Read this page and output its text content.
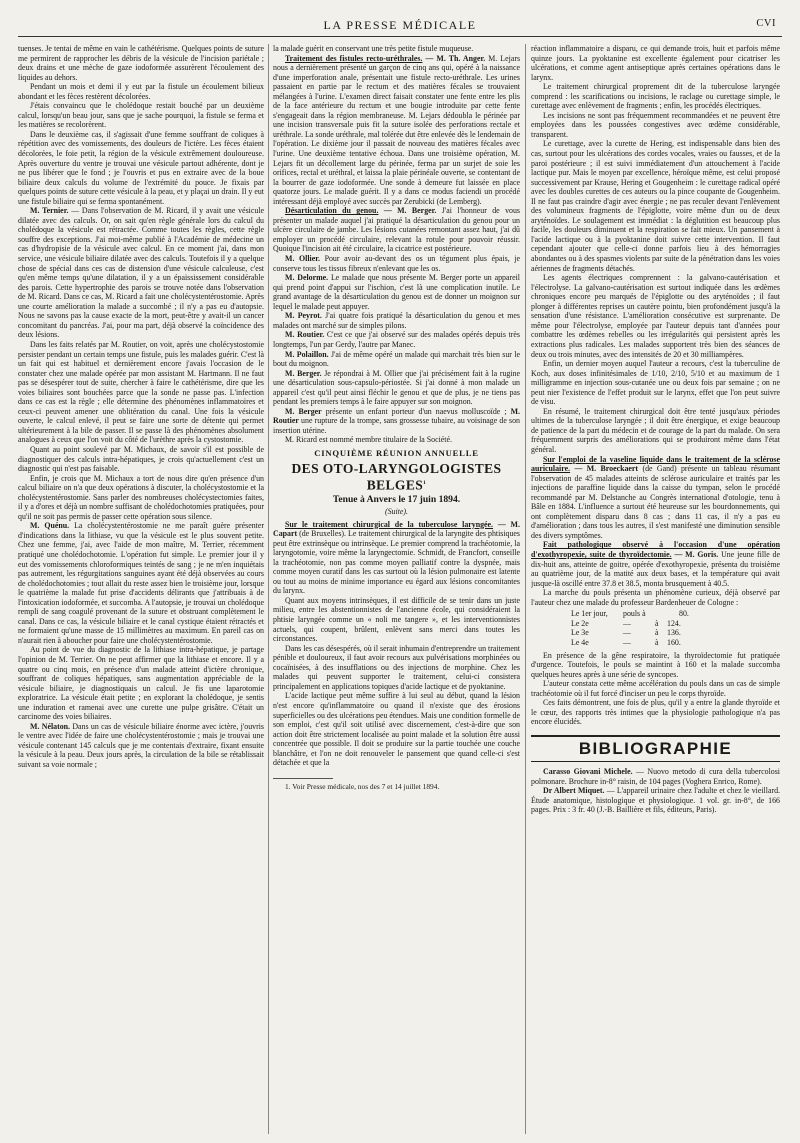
LA PRESSE MÉDICALE	CVI

tuenses. Je tentai de même en vain le cathétérisme. Quelques points de suture me permirent de rapprocher les débris de la vésicule de l'incision pariétale ; deux drains et une mèche de gaze iodoformée assurèrent l'écoulement des liquides au dehors.

Pendant un mois et demi il y eut par la fistule un écoulement bilieux abondant et les fèces restèrent décolorées.

J'étais convaincu que le cholédoque restait bouché par un deuxième calcul, lorsqu'un beau jour, sans que je sache pourquoi, la fistule se ferma et les matières se recolorèrent.

Dans le deuxième cas, il s'agissait d'une femme souffrant de coliques à répétition avec des vomissements, des douleurs de l'ictère. Les fèces étaient décolorées, le foie petit, la région de la vésicule extrêmement douloureuse. Après ouverture du ventre je trouvai une vésicule partout adhérente, dont je ne pus libérer que le fond ; je l'ouvris et pus en extraire avec de la boue biliaire deux calculs du volume de l'extrémité du pouce. Je fixais par quelques points de suture cette vésicule à la peau, et y plaçai un drain. Il y eut une fistule biliaire qui se ferma spontanément.

M. Ternier. — Dans l'observation de M. Ricard, il y avait une vésicule dilatée avec des calculs. Or, on sait qu'en règle générale lors du calcul du cholédoque la vésicule est rétractée. Comme toutes les règles, cette règle souffre des exceptions. J'ai moi-même publié à l'Académie de médecine un cas d'hydropisie de la vésicule avec calcul. En ce moment j'ai, dans mon service, une vésicule biliaire dilatée avec des calculs. Toutefois il y a quelque chose de spécial dans ces cas de distension d'une vésicule calculeuse, c'est qu'en même temps qu'une dilatation, il y a un épaississement considérable des parois. Cette hypertrophie des parois se trouve notée dans l'observation de M. Ricard. Dans ce cas, M. Ricard a fait une cholécystentérostomie. Après une courte amélioration la malade a succombé ; il n'y a pas eu d'autopsie. Nous ne savons pas la cause exacte de la mort, peut-être y avait-il un cancer concomitant du pancréas. J'ai, pour ma part, déjà observé la coïncidence des deux lésions.

Dans les faits relatés par M. Routier, on voit, après une cholécystostomie persister pendant un certain temps une fistule, puis les malades guérir. C'est là un fait qui est habituel et dernièrement encore j'avais l'occasion de le constater chez une malade opérée par mon assistant M. Hartmann. Il ne faut pas se désespérer tout de suite, chercher à faire le cathétérisme, dire que les voies biliaires sont bouchées parce que la sonde ne passe pas. L'infection dans ce cas est la règle ; elle détermine des phénomènes inflammatoires et ceux-ci peuvent amener une oblitération du canal. Une fois la vésicule ouverte, le calcul enlevé, il peut se faire une sorte de détente qui permet ultérieurement à la bile de passer. Il se passe là des phénomènes absolument analogues à ceux que l'on voit du côté de l'urèthre après la cystostomie.

Quant au point soulevé par M. Michaux, de savoir s'il est possible de diagnostiquer des calculs intra-hépatiques, je crois qu'actuellement c'est un diagnostic qui n'est pas faisable.

Enfin, je crois que M. Michaux a tort de nous dire qu'en présence d'un calcul biliaire on n'a que deux opérations à discuter, la cholécystostomie et la cholécystentérostomie. Sans parler des nombreuses cholécystectomies faites, il y a d'ores et déjà un nombre suffisant de cholédochotomies pratiquées, pour qu'il ne soit pas permis de passer cette opération sous silence.

M. Quénu. La cholécystentérostomie ne me paraît guère présenter d'indications dans la lithiase, vu que la vésicule est le plus souvent petite. Chez une femme, j'ai, avec l'aide de mon maître, M. Terrier, récemment pratiqué une cholédochotomie. L'opération fut simple. Le premier jour il y eut des vomissements chloroformiques teintés de sang ; je ne m'en inquiétais pas autrement, les régurgitations sanguines ayant été déjà observées au cours de cholédochotomies ; tout allait du reste assez bien le troisième jour, lorsque le quatrième la malade fut prise d'accidents délirants que j'attribuais à de l'intoxication iodoformée, et succomba. A l'autopsie, je trouvai un cholédoque rempli de sang coagulé provenant de la suture et obstruant complètement le canal. Dans ce cas, la vésicule biliaire et le canal cystique étaient rétractés et ne formaient qu'une masse de 15 millimètres au maximum. En pareil cas on n'aurait rien à aboucher pour faire une cholécystentérostomie.

Au point de vue du diagnostic de la lithiase intra-hépatique, je partage l'opinion de M. Terrier. On ne peut affirmer que la lithiase et encore. Il y a quatre ou cinq mois, en présence d'un malade atteint d'ictère chronique, souffrant de coliques hépatiques, sans augmentation appréciable de la vésicule biliaire, je diagnostiquais un calcul. Je fis une laparotomie exploratrice. La vésicule était petite ; en explorant la cholédoque, je sentis une induration et ramenai avec une curette une pulpe grisâtre. C'était un carcinome des voies biliaires.

M. Nélaton. Dans un cas de vésicule biliaire énorme avec ictère, j'ouvris le ventre avec l'idée de faire une cholécystentérostomie ; mais je trouvai une vésicule contenant 145 calculs que je me contentais d'extraire, fixant ensuite la vésicule à la peau. Deux jours après, la circulation de la bile se rétablissait suivant sa voie normale ;

la malade guérit en conservant une très petite fistule muqueuse.

Traitement des fistules recto-uréthrales. — M. Th. Anger. M. Lejars nous a dernièrement présenté un garçon de cinq ans qui, opéré à la naissance d'une imperforation anale, présentait une fistule recto-uréthrale. Les urines passaient en partie par le rectum et des matières fécales se trouvaient mélangées à l'urine. L'examen direct faisait constater une fente entre les plis de la face antérieure du rectum et une bougie introduite par cette fente s'engageait dans la région membraneuse. M. Lejars dédoubla le périnée par une incision transversale puis fit la suture isolée des perforations rectale et uréthrale. La sonde uréthrale, mal tolérée dut être enlevée dès le lendemain de l'opération. Le dixième jour il passait de nouveau des matières fécales avec l'urine. Une deuxième tentative échoua. Dans une troisième opération, M. Lejars fit un décollement large du périnée, ferma par un surjet de soie les orifices, rectal et uréthral, et laissa la plaie périnéale ouverte, se contentant de la bourrer de gaze iodoformée. Une sonde à demeure fut laissée en place quatorze jours. Le malade guérit. Il y a dans ce modus faciendi un procédé intéressant déjà employé avec succès par Zerubicki (de Lemberg).

Désarticulation du genou. — M. Berger. J'ai l'honneur de vous présenter un malade auquel j'ai pratiqué la désarticulation du genou pour un ulcère circulaire de jambe. Les lésions cutanées remontant assez haut, j'ai dû employer un procédé circulaire, relevant la rotule pour pouvoir réussir. Quoique l'incision ait été circulaire, la cicatrice est postérieure.

M. Ollier. Pour avoir au-devant des os un tégument plus épais, je conserve tous les tissus fibreux n'enlevant que les os.

M. Delorme. Le malade que nous présente M. Berger porte un appareil qui prend point d'appui sur l'ischion, c'est là une complication inutile. Le grand avantage de la désarticulation du genou est de donner un moignon sur lequel le malade peut appuyer.

M. Peyrot. J'ai quatre fois pratiqué la désarticulation du genou et mes malades ont marché sur de simples pilons.

M. Routier. C'est ce que j'ai observé sur des malades opérés depuis très longtemps, l'un par Gerdy, l'autre par Manec.

M. Polaillon. J'ai de même opéré un malade qui marchait très bien sur le bout du moignon.

M. Berger. Je répondrai à M. Ollier que j'ai précisément fait à la rugine une désarticulation sous-capsulo-périostée. Si j'ai donné à mon malade un appareil c'est qu'il peut ainsi fléchir le genou et que de plus, je ne tiens pas pendant les premiers temps à le faire appuyer sur son moignon.

M. Berger présente un enfant porteur d'un naevus molluscoïde ; M. Routier une rupture de la trompe, sans grossesse tubaire, au voisinage de son insertion utérine.

M. Ricard est nommé membre titulaire de la Société.

CINQUIÈME RÉUNION ANNUELLE
DES OTO-LARYNGOLOGISTES BELGES$^1$
Tenue à Anvers le 17 juin 1894.
(Suite).

Sur le traitement chirurgical de la tuberculose laryngée. — M. Capart (de Bruxelles). Le traitement chirurgical de la laryngite des phtisiques peut être extrinsèque ou intrinsèque. Le premier comprend la trachéotomie, la laryngotomie, voire même la laryngectomie. Schmidt, de Francfort, conseille la trachéotomie, non pas comme moyen palliatif contre la dyspnée, mais comme moyen curatif dans les cas surtout où la lésion pulmonaire est latente ou tout au moins de minime importance eu égard aux lésions concomitantes du larynx.

Quant aux moyens intrinsèques, il est difficile de se tenir dans un juste milieu, entre les abstentionnistes de l'ancienne école, qui considéraient la phtisie laryngée comme un « noli me tangere », et les interventionnistes actuels, qui coupent, brûlent, enlèvent sans merci dans toutes les circonstances.

Dans les cas désespérés, où il serait inhumain d'entreprendre un traitement pénible et douloureux, il faut avoir recours aux pulvérisations morphinées ou cocaïnisées, à des insufflations ou des injections de morphine. Chez les malades qui peuvent supporter le traitement, celui-ci consistera principalement en applications topiques d'acide lactique et de pyoktanine.

L'acide lactique peut même suffire à lui seul au début, quand la lésion n'est encore qu'inflammatoire ou quand il n'existe que des érosions superficielles ou des ulcérations peu étendues. Mais une condition formelle de son emploi, c'est qu'il soit utilisé avec discernement, c'est-à-dire que son action doit être strictement localisée au point malade et la solution être aussi concentrée que possible. Il doit se produire sur la partie touchée une couche blanchâtre, et l'on ne doit renouveler le pansement que quand celle-ci s'est détachée et que la

1. Voir Presse médicale, nos des 7 et 14 juillet 1894.

réaction inflammatoire a disparu, ce qui demande trois, huit et parfois même quinze jours. La pyoktanine est excellente également pour cicatriser les ulcérations, et comme agent antiseptique après certaines opérations dans le larynx.

Le traitement chirurgical proprement dit de la tuberculose laryngée comprend : les scarifications ou incisions, le raclage ou curettage simple, le curettage avec enlèvement de fragments ; enfin, les procédés électriques.

Les incisions ne sont pas fréquemment recommandées et ne peuvent être employées dans les poussées congestives avec œdème considérable, transparent.

Le curettage, avec la curette de Hering, est indispensable dans bien des cas, surtout pour les ulcérations des cordes vocales, vraies ou fausses, et de la paroi postérieure ; il est suivi immédiatement d'un attouchement à l'acide lactique pur. Mais le moyen par excellence, héroïque même, est celui proposé successivement par Krause, Hering et Gougenheim : le curettage radical opéré avec les doubles curettes de ces auteurs ou la pince coupante de Gougenheim. Il ne faut pas craindre d'agir avec énergie ; ne pas reculer devant l'enlèvement des volumineux fragments de l'épiglotte, voire même d'un ou de deux aryténoïdes. Le soulagement est immédiat : la déglutition est beaucoup plus facile, les douleurs diminuent et la respiration se fait mieux. Un pansement à l'acide lactique ou à la pyoktanine doit suivre cette intervention. Il faut cependant ajouter que celle-ci donne parfois lieu à des hémorragies abondantes ou à des spasmes violents par suite de la pénétration dans les voies aériennes de fragments détachés.

Les agents électriques comprennent : la galvano-cautérisation et l'électrolyse. La galvano-cautérisation est surtout indiquée dans les œdèmes chroniques encore peu marqués de l'épiglotte ou des aryténoïdes ; il faut plonger à différentes reprises un cautère pointu, bien profondément jusqu'à la sensation d'une résistance. L'amélioration consécutive est surprenante. De même pour l'électrolyse, employée par l'auteur depuis tant d'années pour combattre les œdèmes rebelles ou les irrégularités qui persistent après les extractions plus radicales. Les malades supportent très bien des séances de deux ou trois minutes, avec des intensités de 20 et 30 milliampères.

Enfin, un dernier moyen auquel l'auteur a recours, c'est la tuberculine de Koch, aux doses infinitésimales de 1/10, 2/10, 5/10 et au maximum de 1 milligramme en injection sous-cutanée une ou deux fois par semaine ; on ne peut nier l'existence de l'effet produit sur le larynx, effet que l'on peut suivre de visu.

En résumé, le traitement chirurgical doit être tenté jusqu'aux périodes ultimes de la tuberculose laryngée ; il doit être énergique, et exige beaucoup de patience de la part du médecin et de courage de la part du malade. On sera fréquemment surpris des améliorations qui se produiront même dans l'état général.

Sur l'emploi de la vaseline liquide dans le traitement de la sclérose auriculaire. — M. Broeckaert (de Gand) présente un tableau résumant l'observation de 45 malades atteints de sclérose auriculaire et traités par les injections de paraffine liquide dans la caisse du tympan, selon le procédé recommandé par M. Delstanche au Congrès international d'otologie, tenu à Bâle en 1884. L'influence a surtout été heureuse sur les bourdonnements, qui ont complètement disparu dans 8 cas ; dans 11 cas, il n'y a pas eu d'amélioration ; dans tous les autres, il s'est manifesté une diminution sensible des divers symptômes.

Fait pathologique observé à l'occasion d'une opération d'exothyropexie, suite de thyroïdectomie. — M. Goris. Une jeune fille de dix-huit ans, atteinte de goitre, opérée d'exothyropexie, présenta du troisième au quatrième jour, de la matité aux deux bases, et la température qui avait jusque-là oscillé entre 37.8 et 38.5, monta brusquement à 40.5.

La marche du pouls présenta un phénomène curieux, déjà observé par l'auteur chez une malade du professeur Bardenheuer de Cologne :

Le 1er jour,	pouls à	80.
Le 2e	—	à	124.
Le 3e	—	à	136.
Le 4e	—	à	160.

En présence de la gêne respiratoire, la thyroïdectomie fut pratiquée d'urgence. Toutefois, le pouls se maintint à 160 et la malade succomba quelques heures après à une série de syncopes.

L'auteur constata cette même accélération du pouls dans un cas de simple trachéotomie où il fut forcé d'inciser un peu le corps thyroïde.

Ces faits démontrent, une fois de plus, qu'il y a entre la glande thyroïde et le cœur, des rapports très intimes que la physiologie pathologique n'a pas encore élucidés.

BIBLIOGRAPHIE

Carasso Giovani Michele. — Nuovo metodo di cura della tubercolosi polmonare. Brochure in-8° raisin, de 104 pages (Voghera Enrico, Rome).

Dr Albert Miquet. — L'appareil urinaire chez l'adulte et chez le vieillard. Étude anatomique, histologique et physiologique. 1 vol. gr. in-8°, de 166 pages. Prix : 3 fr. 40 (J.-B. Baillière et fils, éditeurs, Paris).
